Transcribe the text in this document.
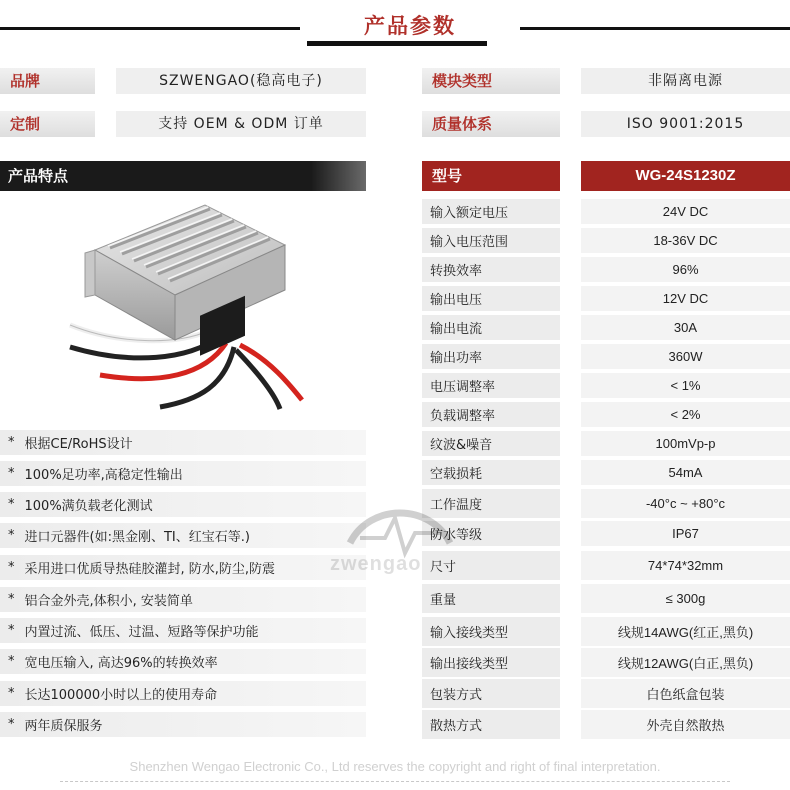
产品参数
品牌	SZWENGAO(稳高电子)	模块类型	非隔离电源
定制	支持 OEM & ODM 订单	质量体系	ISO 9001:2015
产品特点	型号	WG-24S1230Z
* 根据CE/RoHS设计
* 100%足功率,高稳定性输出
* 100%满负载老化测试
* 进口元器件(如:黑金刚、TI、红宝石等.)
* 采用进口优质导热硅胶灌封, 防水,防尘,防震
* 铝合金外壳,体积小, 安装简单
* 内置过流、低压、过温、短路等保护功能
* 宽电压输入, 高达96%的转换效率
* 长达100000小时以上的使用寿命
* 两年质保服务
输入额定电压	24V DC
输入电压范围	18-36V DC
转换效率	96%
输出电压	12V DC
输出电流	30A
输出功率	360W
电压调整率	< 1%
负载调整率	< 2%
纹波&噪音	100mVp-p
空载损耗	54mA
工作温度	-40°c ~ +80°c
防水等级	IP67
尺寸	74*74*32mm
重量	≤ 300g
输入接线类型	线规14AWG(红正,黑负)
输出接线类型	线规12AWG(白正,黑负)
包装方式	白色纸盒包装
散热方式	外壳自然散热
zwengao
Shenzhen Wengao Electronic Co., Ltd reserves the copyright and right of final interpretation.
